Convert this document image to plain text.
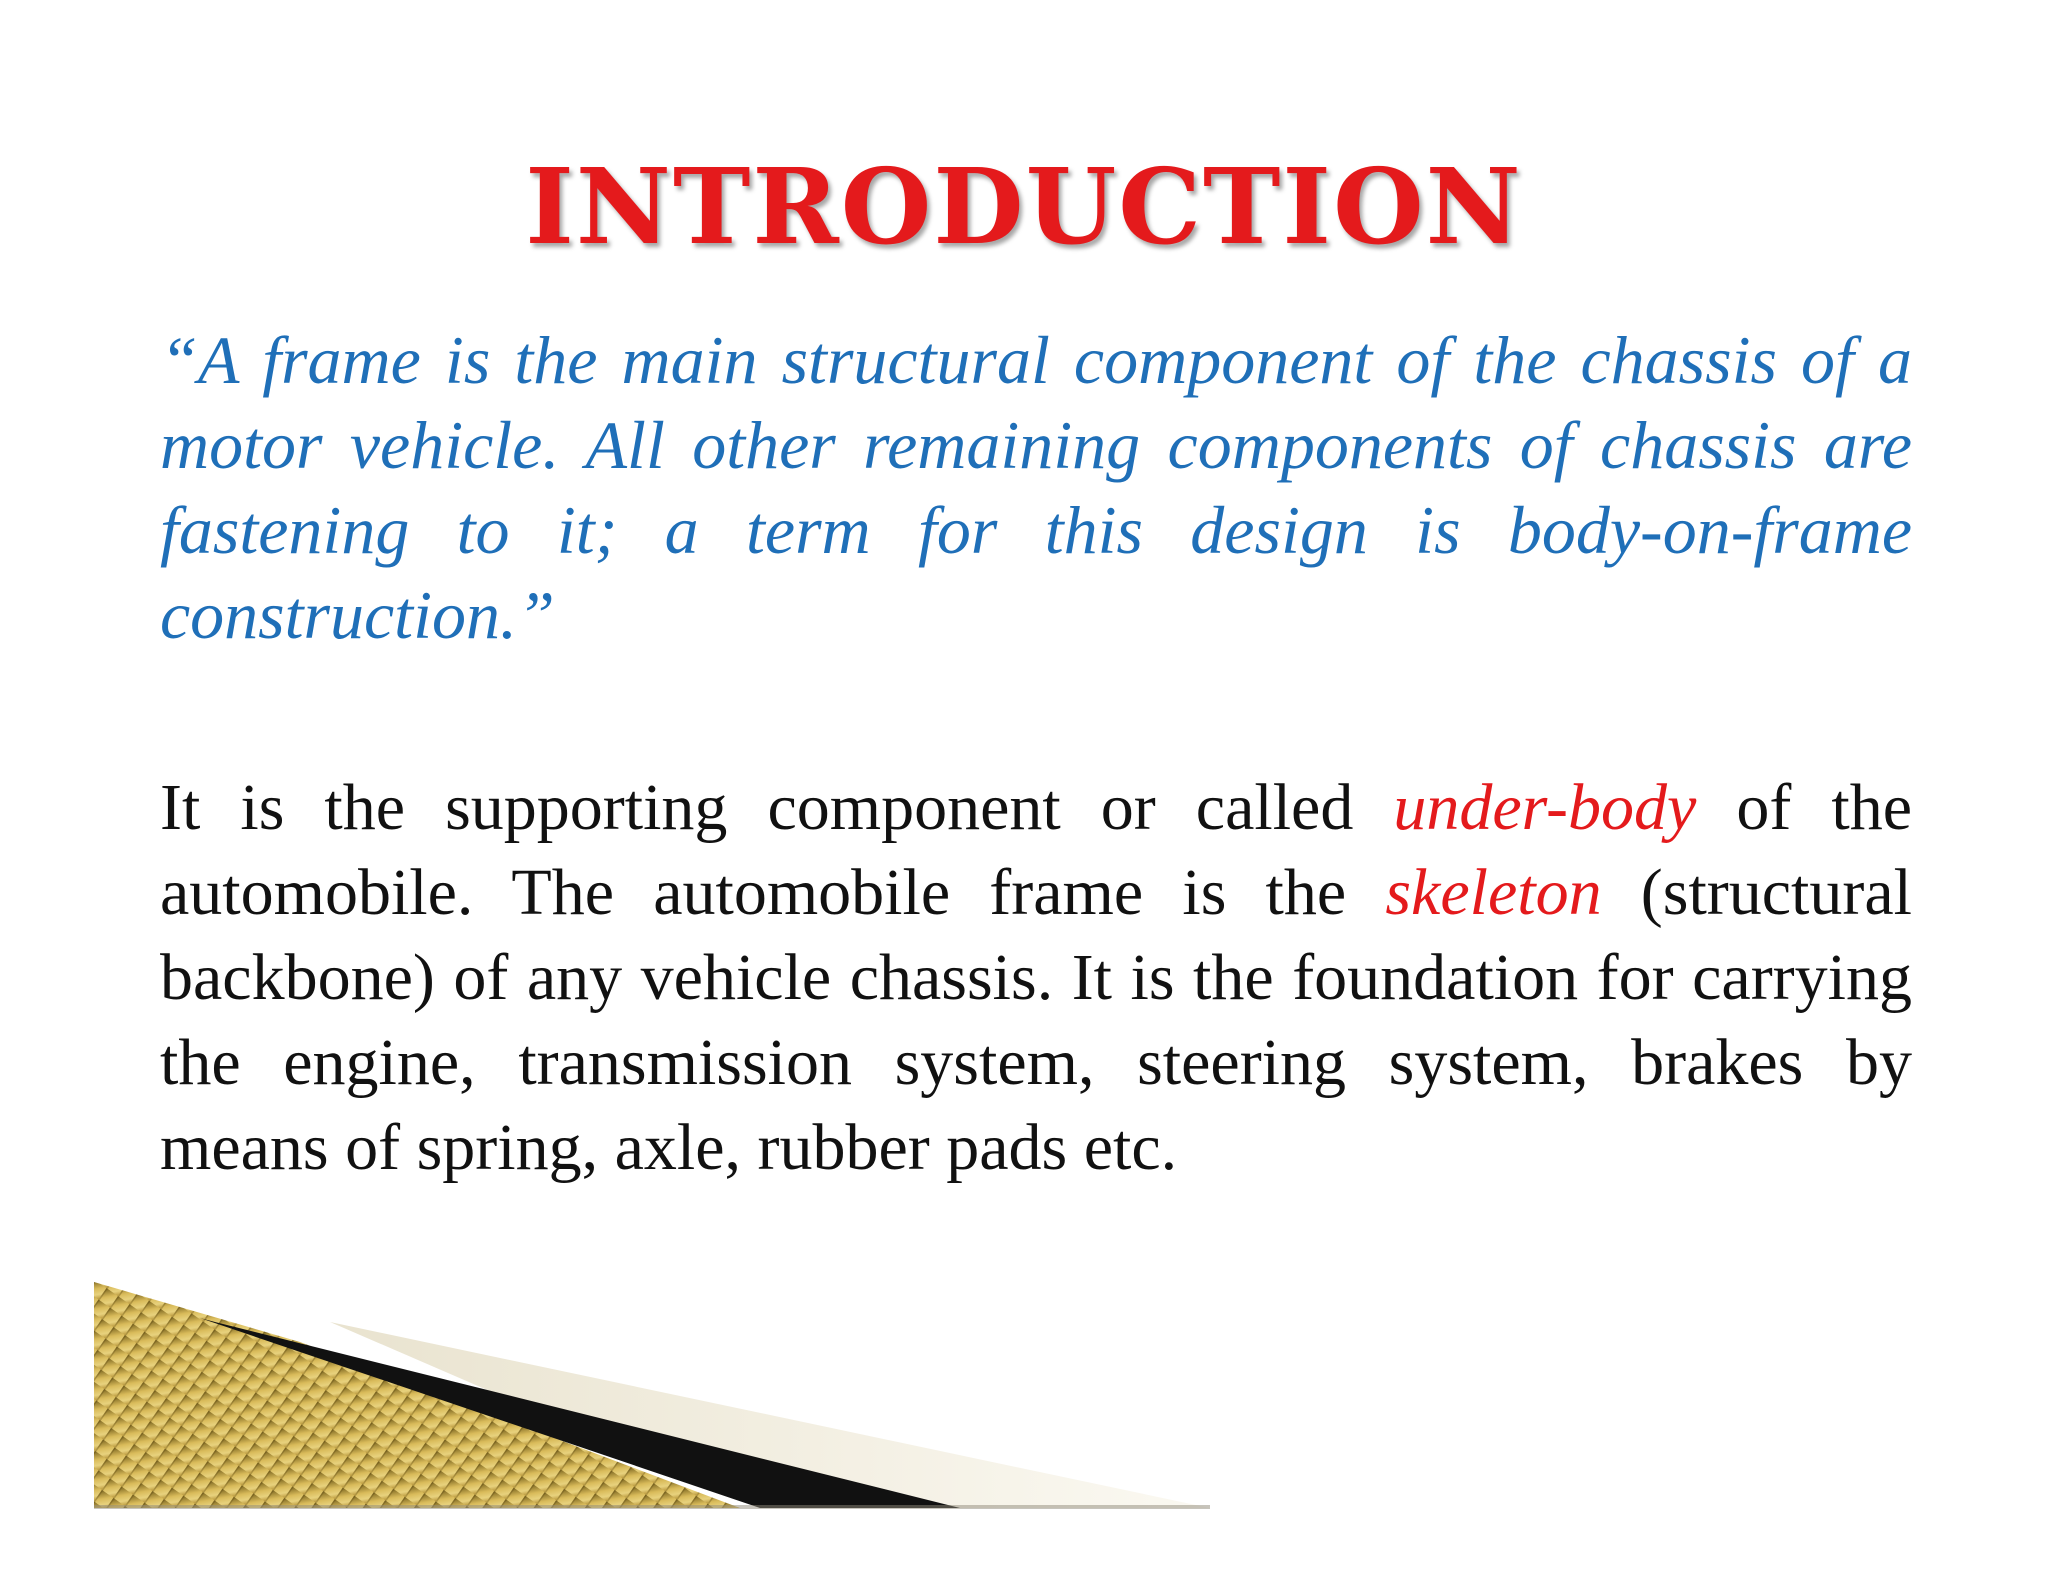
INTRODUCTION

“A frame is the main structural component of the chassis of a motor vehicle. All other remaining components of chassis are fastening to it; a term for this design is body-on-frame construction.”

It is the supporting component or called under-body of the automobile. The automobile frame is the skeleton (structural backbone) of any vehicle chassis. It is the foundation for carrying the engine, transmission system, steering system, brakes by means of spring, axle, rubber pads etc.
